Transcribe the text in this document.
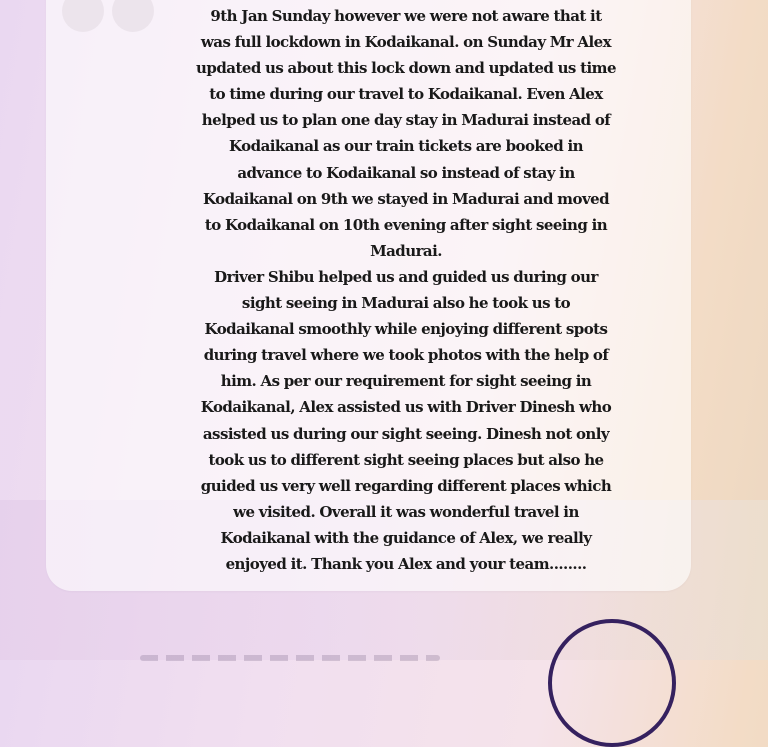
9th Jan Sunday however we were not aware that it was full lockdown in Kodaikanal. on Sunday Mr Alex updated us about this lock down and updated us time to time during our travel to Kodaikanal. Even Alex helped us to plan one day stay in Madurai instead of Kodaikanal as our train tickets are booked in advance to Kodaikanal so instead of stay in Kodaikanal on 9th we stayed in Madurai and moved to Kodaikanal on 10th evening after sight seeing in Madurai.

Driver Shibu helped us and guided us during our sight seeing in Madurai also he took us to Kodaikanal smoothly while enjoying different spots during travel where we took photos with the help of him. As per our requirement for sight seeing in Kodaikanal, Alex assisted us with Driver Dinesh who assisted us during our sight seeing. Dinesh not only took us to different sight seeing places but also he guided us very well regarding different places which we visited. Overall it was wonderful travel in Kodaikanal with the guidance of Alex, we really enjoyed it. Thank you Alex and your team........
